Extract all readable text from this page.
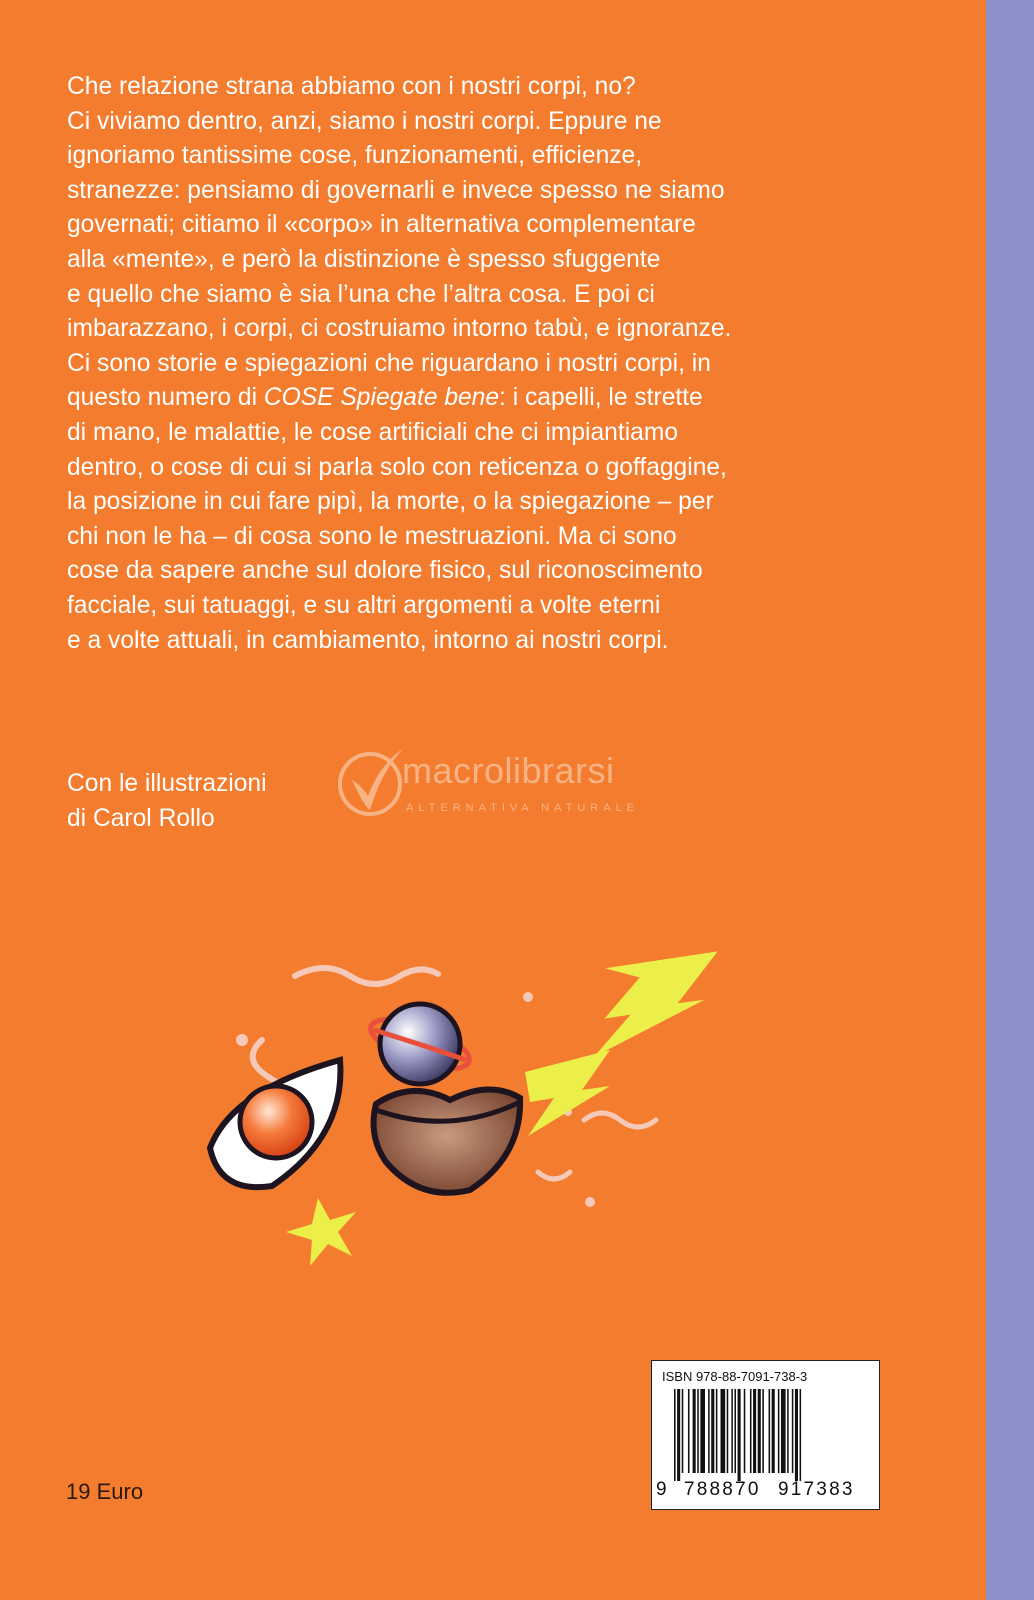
Che relazione strana abbiamo con i nostri corpi, no?

Ci viviamo dentro, anzi, siamo i nostri corpi. Eppure ne

ignoriamo tantissime cose, funzionamenti, efficienze,

stranezze: pensiamo di governarli e invece spesso ne siamo

governati; citiamo il «corpo» in alternativa complementare

alla «mente», e però la distinzione è spesso sfuggente

e quello che siamo è sia l’una che l’altra cosa. E poi ci

imbarazzano, i corpi, ci costruiamo intorno tabù, e ignoranze.

Ci sono storie e spiegazioni che riguardano i nostri corpi, in

questo numero di COSE Spiegate bene: i capelli, le strette

di mano, le malattie, le cose artificiali che ci impiantiamo

dentro, o cose di cui si parla solo con reticenza o goffaggine,

la posizione in cui fare pipì, la morte, o la spiegazione – per

chi non le ha – di cosa sono le mestruazioni. Ma ci sono

cose da sapere anche sul dolore fisico, sul riconoscimento

facciale, sui tatuaggi, e su altri argomenti a volte eterni

e a volte attuali, in cambiamento, intorno ai nostri corpi.

Con le illustrazioni

di Carol Rollo

macrolibrarsi
ALTERNATIVA NATURALE
ISBN 978-88-7091-738-3
9 788870 917383
19 Euro
